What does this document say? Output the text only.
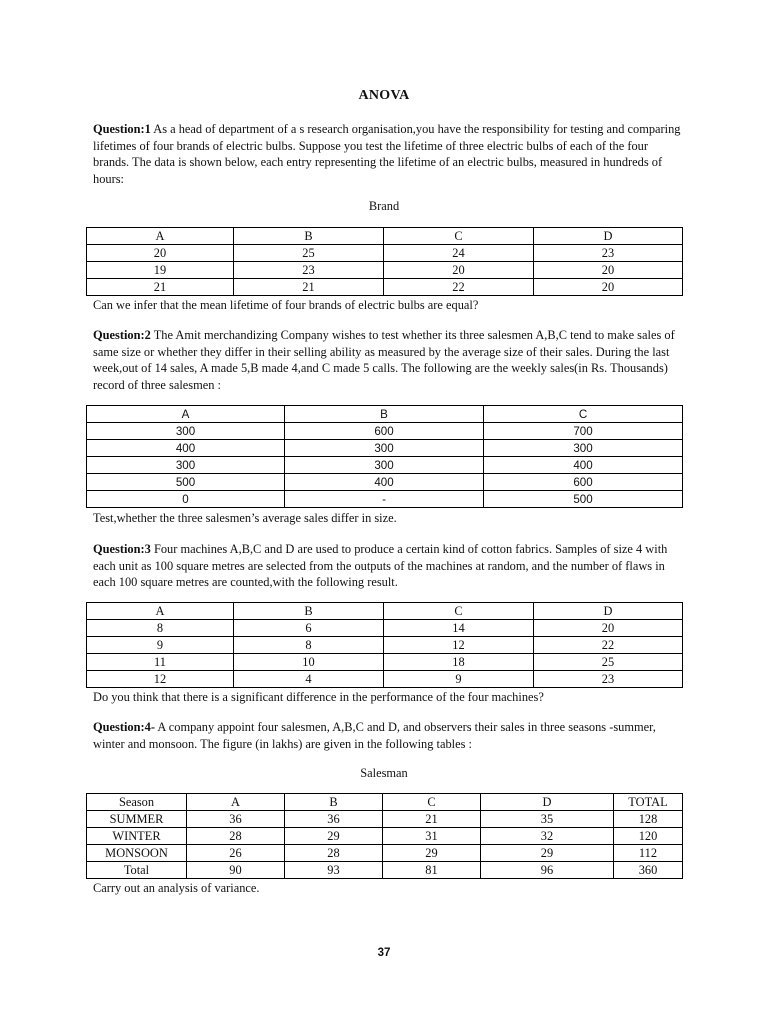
ANOVA
Question:1 As a head of department of a s research organisation,you have the responsibility for testing and comparing lifetimes of four brands of electric bulbs. Suppose you test the lifetime of three electric bulbs of each of the four brands. The data is shown below, each entry representing the lifetime of an electric bulbs, measured in hundreds of hours:
Brand
A	B	C	D
20	25	24	23
19	23	20	20
21	21	22	20
Can we infer that the mean lifetime of four brands of electric bulbs are equal?
Question:2 The Amit merchandizing Company wishes to test whether its three salesmen A,B,C tend to make sales of same size or whether they differ in their selling ability as measured by the average size of their sales. During the last week,out of 14 sales, A made 5,B made 4,and C made 5 calls. The following are the weekly sales(in Rs. Thousands) record of three salesmen :
A	B	C
300	600	700
400	300	300
300	300	400
500	400	600
0	-	500
Test,whether the three salesmen’s average sales differ in size.
Question:3 Four machines A,B,C and D are used to produce a certain kind of cotton fabrics. Samples of size 4 with each unit as 100 square metres are selected from the outputs of the machines at random, and the number of flaws in each 100 square metres are counted,with the following result.
A	B	C	D
8	6	14	20
9	8	12	22
11	10	18	25
12	4	9	23
Do you think that there is a significant difference in the performance of the four machines?
Question:4- A company appoint four salesmen, A,B,C and D, and observers their sales in three seasons -summer, winter and monsoon. The figure (in lakhs) are given in the following tables :
Salesman
Season	A	B	C	D	TOTAL
SUMMER	36	36	21	35	128
WINTER	28	29	31	32	120
MONSOON	26	28	29	29	112
Total	90	93	81	96	360
Carry out an analysis of variance.
37
